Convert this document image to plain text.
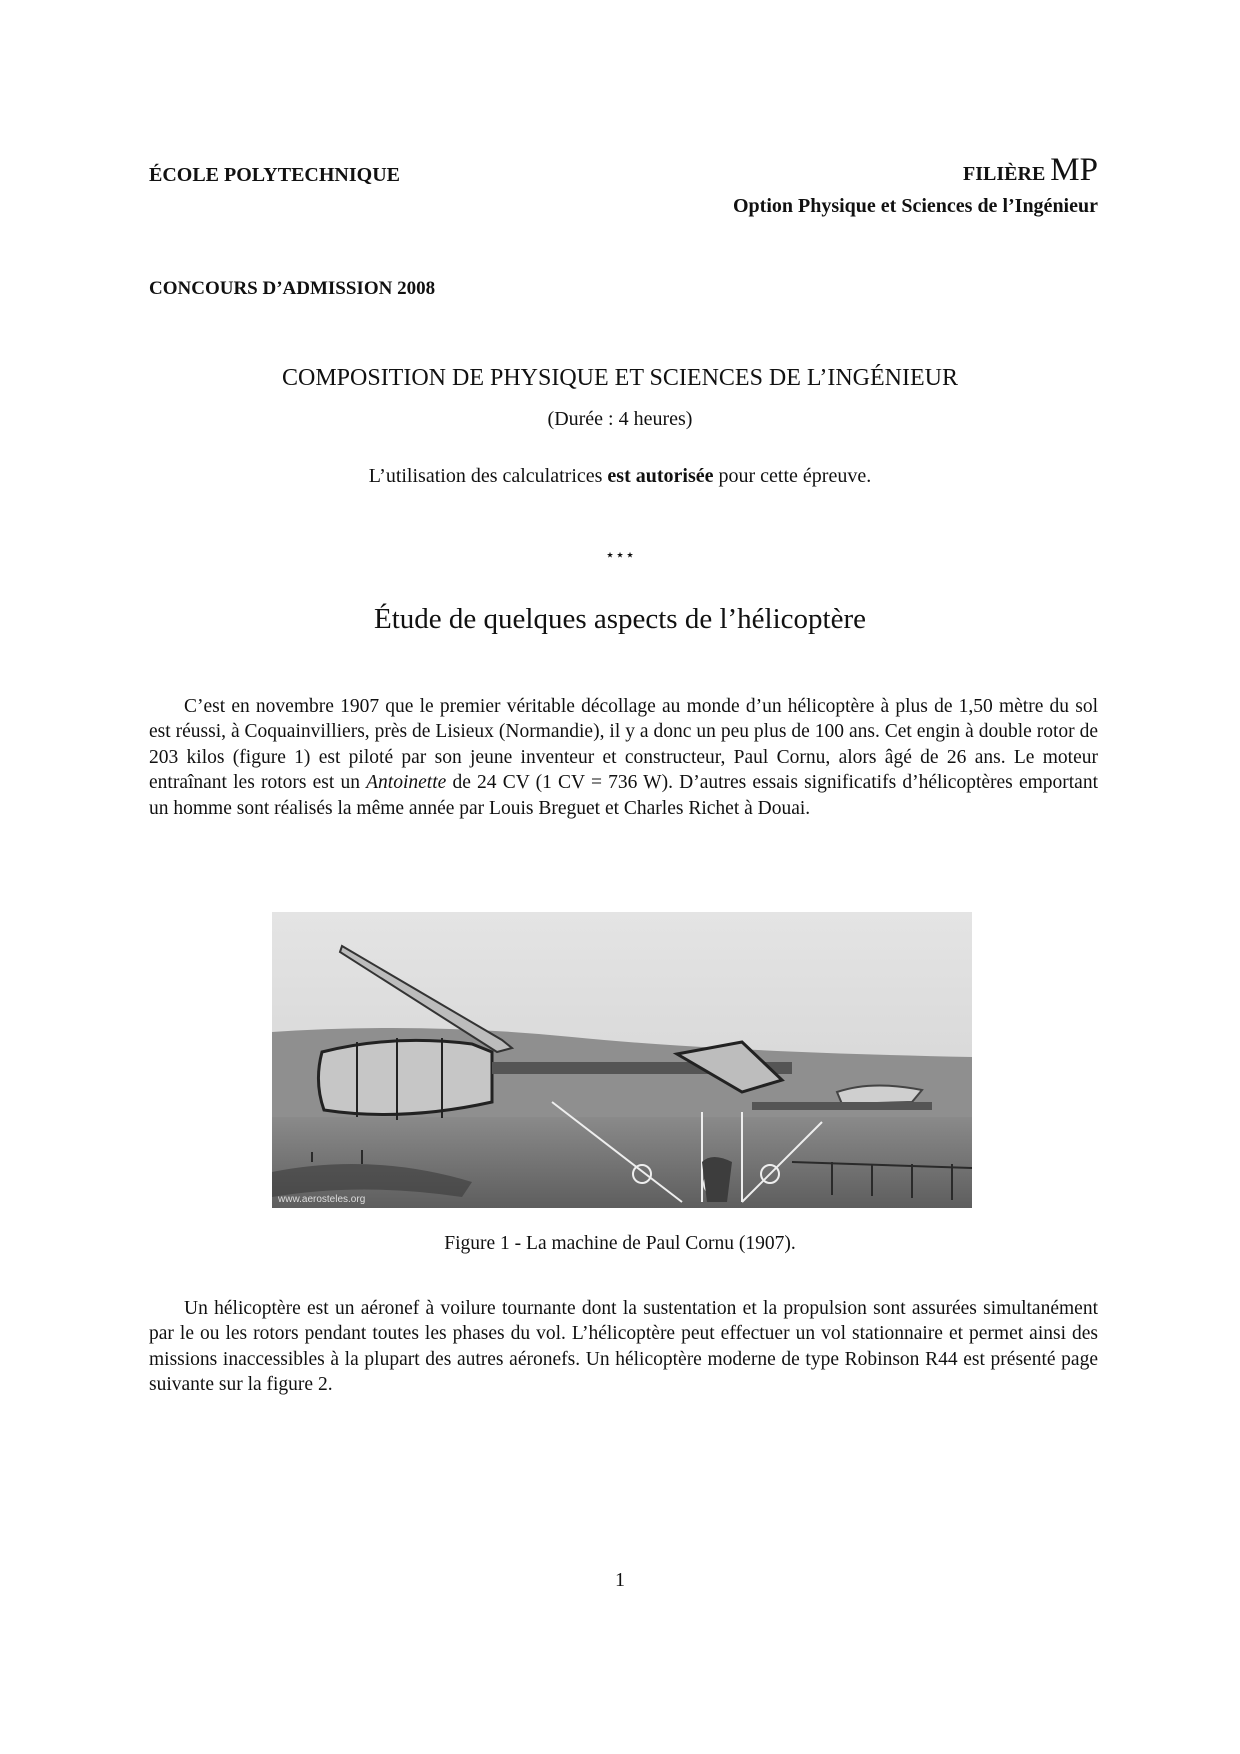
ÉCOLE POLYTECHNIQUE	FILIÈRE MP
Option Physique et Sciences de l’Ingénieur
CONCOURS D’ADMISSION 2008
COMPOSITION DE PHYSIQUE ET SCIENCES DE L’INGÉNIEUR
(Durée : 4 heures)
L’utilisation des calculatrices est autorisée pour cette épreuve.
⋆⋆⋆
Étude de quelques aspects de l’hélicoptère
C’est en novembre 1907 que le premier véritable décollage au monde d’un hélicoptère à plus de 1,50 mètre du sol est réussi, à Coquainvilliers, près de Lisieux (Normandie), il y a donc un peu plus de 100 ans. Cet engin à double rotor de 203 kilos (figure 1) est piloté par son jeune inventeur et constructeur, Paul Cornu, alors âgé de 26 ans. Le moteur entraînant les rotors est un Antoinette de 24 CV (1 CV = 736 W). D’autres essais significatifs d’hélicoptères emportant un homme sont réalisés la même année par Louis Breguet et Charles Richet à Douai.
www.aerosteles.org
Figure 1 - La machine de Paul Cornu (1907).
Un hélicoptère est un aéronef à voilure tournante dont la sustentation et la propulsion sont assurées simultanément par le ou les rotors pendant toutes les phases du vol. L’hélicoptère peut effectuer un vol stationnaire et permet ainsi des missions inaccessibles à la plupart des autres aéronefs. Un hélicoptère moderne de type Robinson R44 est présenté page suivante sur la figure 2.
1
